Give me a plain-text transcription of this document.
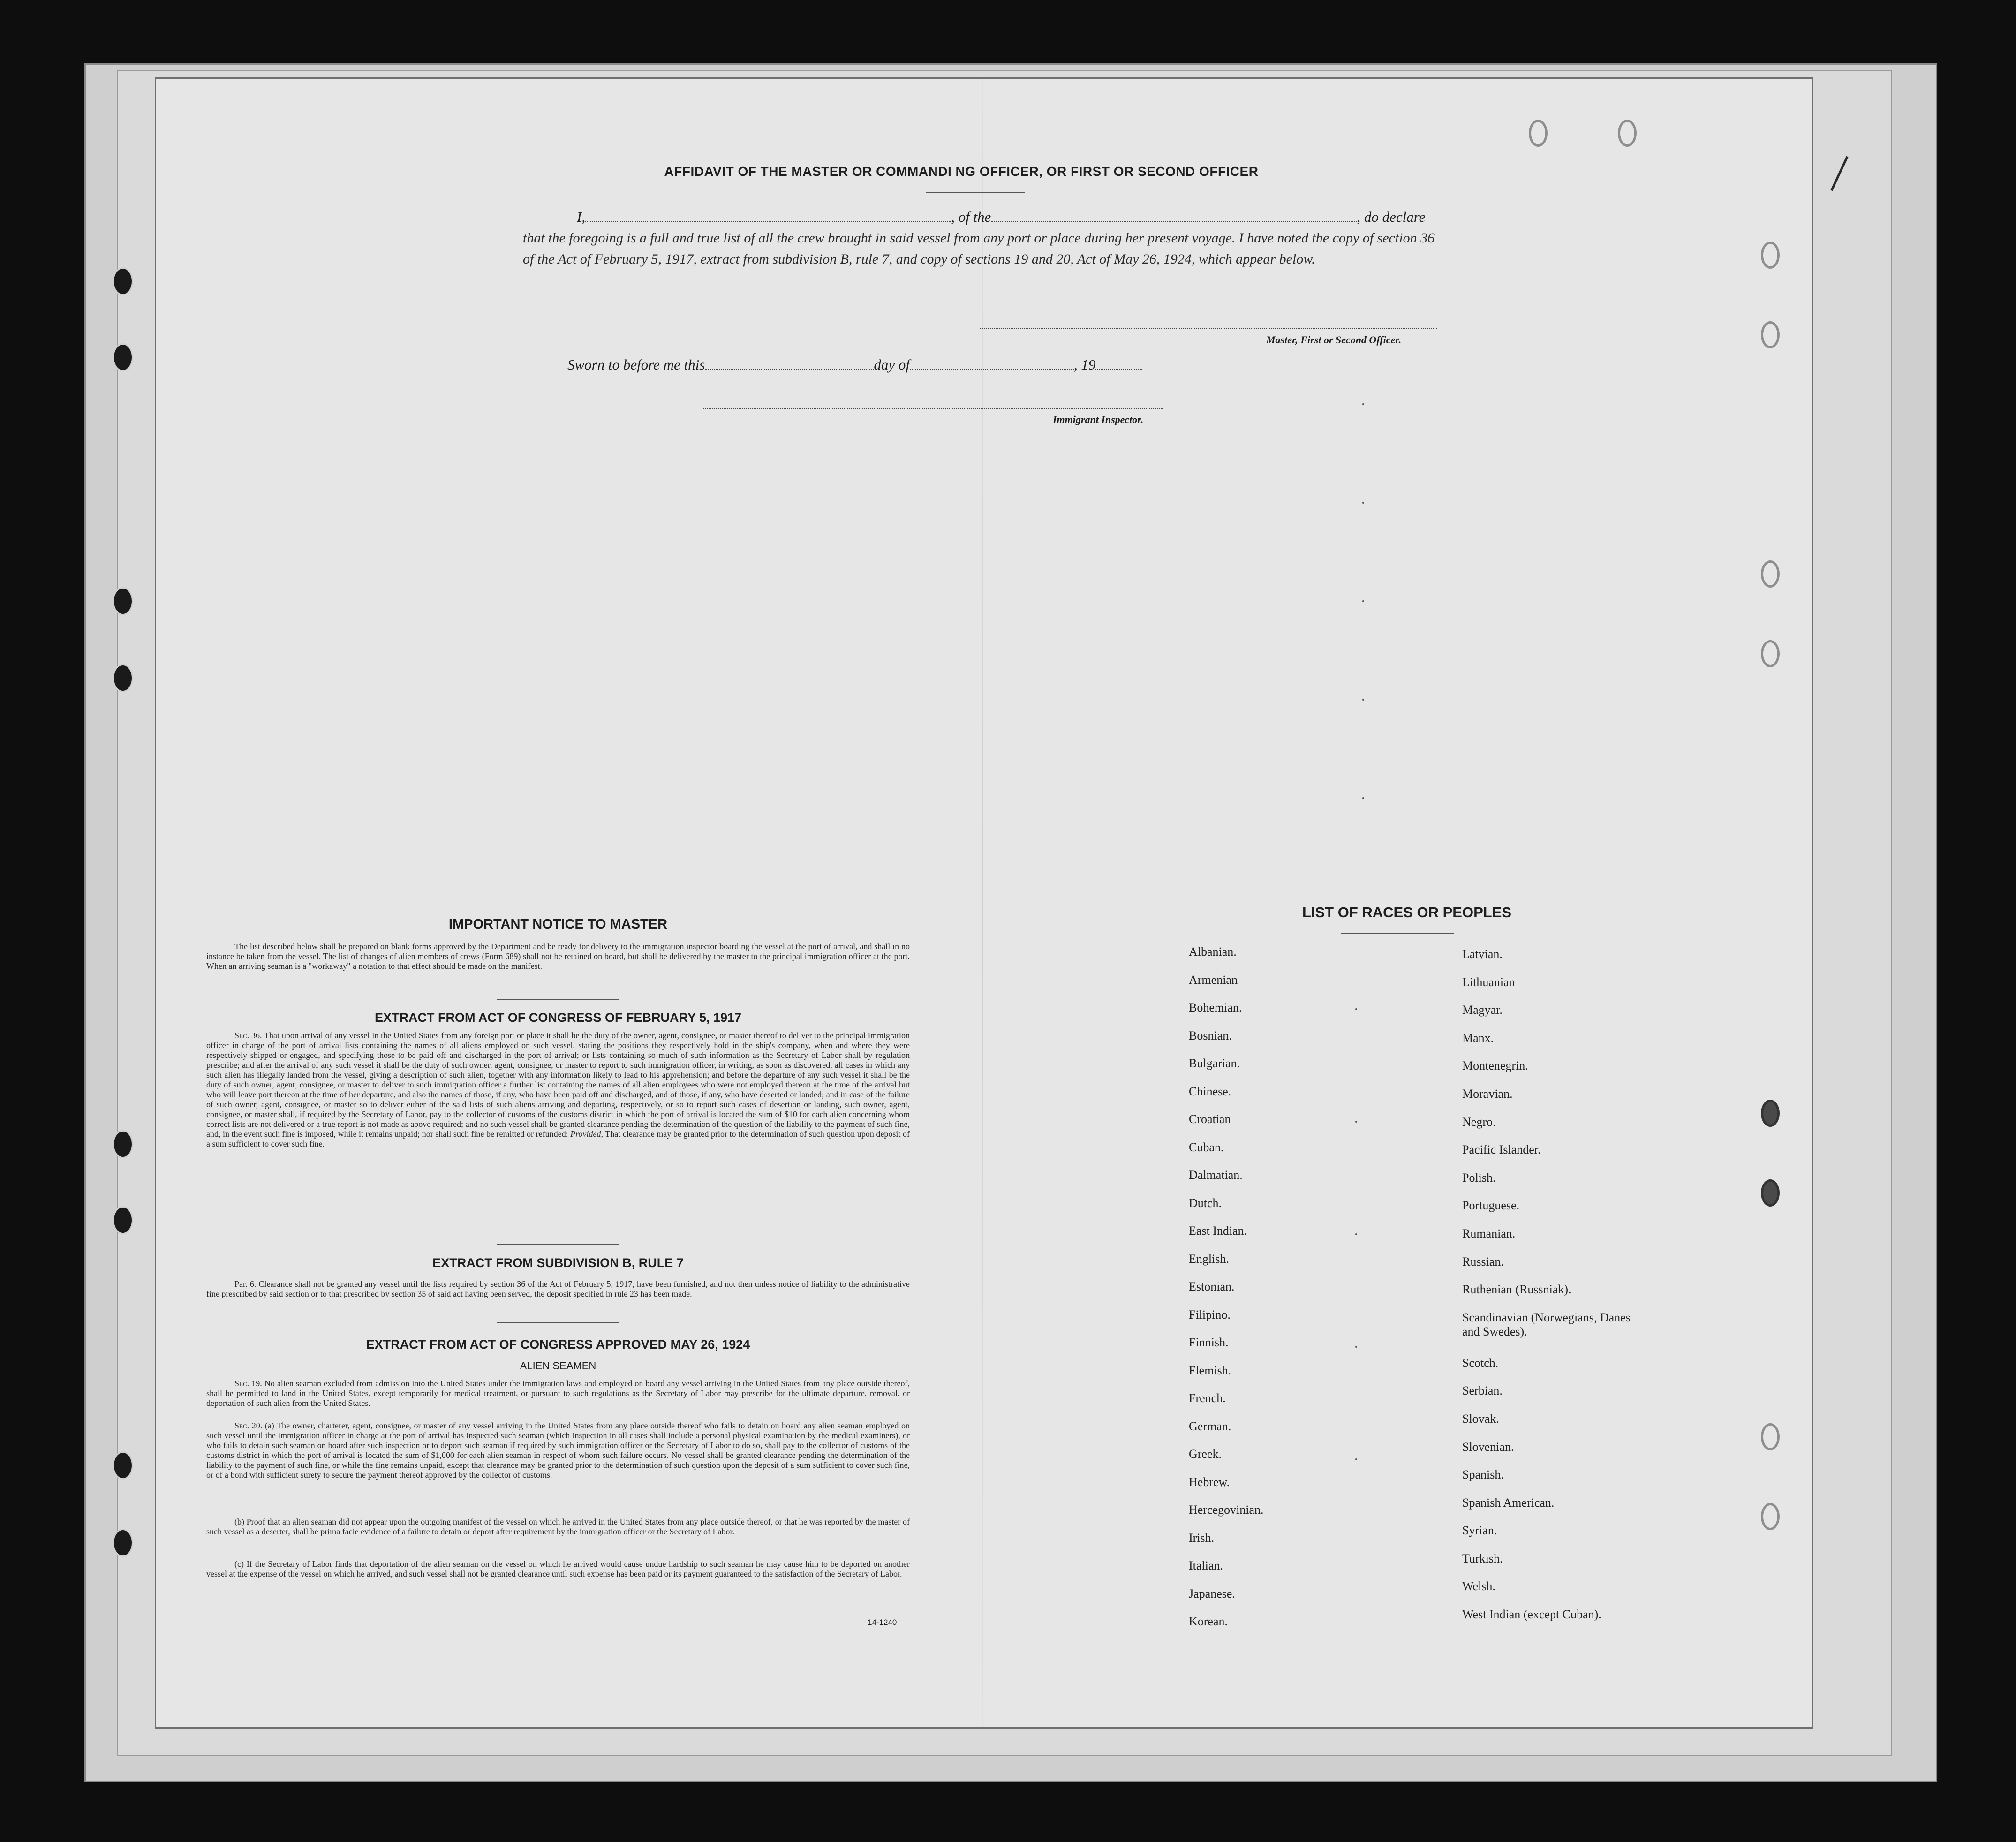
AFFIDAVIT OF THE MASTER OR COMMANDI NG OFFICER, OR FIRST OR SECOND OFFICER
I,	, of the	, do declare
that the foregoing is a full and true list of all the crew brought in said vessel from any port or place during her present voyage. I have noted the copy of section 36 of the Act of February 5, 1917, extract from subdivision B, rule 7, and copy of sections 19 and 20, Act of May 26, 1924, which appear below.
Master, First or Second Officer.
Sworn to before me this	day of	, 19
Immigrant Inspector.
IMPORTANT NOTICE TO MASTER
The list described below shall be prepared on blank forms approved by the Department and be ready for delivery to the immigration inspector boarding the vessel at the port of arrival, and shall in no instance be taken from the vessel. The list of changes of alien members of crews (Form 689) shall not be retained on board, but shall be delivered by the master to the principal immigration officer at the port. When an arriving seaman is a "workaway" a notation to that effect should be made on the manifest.
EXTRACT FROM ACT OF CONGRESS OF FEBRUARY 5, 1917
Sec. 36. That upon arrival of any vessel in the United States from any foreign port or place it shall be the duty of the owner, agent, consignee, or master thereof to deliver to the principal immigration officer in charge of the port of arrival lists containing the names of all aliens employed on such vessel, stating the positions they respectively hold in the ship's company, when and where they were respectively shipped or engaged, and specifying those to be paid off and discharged in the port of arrival; or lists containing so much of such information as the Secretary of Labor shall by regulation prescribe; and after the arrival of any such vessel it shall be the duty of such owner, agent, consignee, or master to report to such immigration officer, in writing, as soon as discovered, all cases in which any such alien has illegally landed from the vessel, giving a description of such alien, together with any information likely to lead to his apprehension; and before the departure of any such vessel it shall be the duty of such owner, agent, consignee, or master to deliver to such immigration officer a further list containing the names of all alien employees who were not employed thereon at the time of the arrival but who will leave port thereon at the time of her departure, and also the names of those, if any, who have been paid off and discharged, and of those, if any, who have deserted or landed; and in case of the failure of such owner, agent, consignee, or master so to deliver either of the said lists of such aliens arriving and departing, respectively, or so to report such cases of desertion or landing, such owner, agent, consignee, or master shall, if required by the Secretary of Labor, pay to the collector of customs of the customs district in which the port of arrival is located the sum of $10 for each alien concerning whom correct lists are not delivered or a true report is not made as above required; and no such vessel shall be granted clearance pending the determination of the question of the liability to the payment of such fine, and, in the event such fine is imposed, while it remains unpaid; nor shall such fine be remitted or refunded: Provided, That clearance may be granted prior to the determination of such question upon deposit of a sum sufficient to cover such fine.
EXTRACT FROM SUBDIVISION B, RULE 7
Par. 6. Clearance shall not be granted any vessel until the lists required by section 36 of the Act of February 5, 1917, have been furnished, and not then unless notice of liability to the administrative fine prescribed by said section or to that prescribed by section 35 of said act having been served, the deposit specified in rule 23 has been made.
EXTRACT FROM ACT OF CONGRESS APPROVED MAY 26, 1924
ALIEN SEAMEN
Sec. 19. No alien seaman excluded from admission into the United States under the immigration laws and employed on board any vessel arriving in the United States from any place outside thereof, shall be permitted to land in the United States, except temporarily for medical treatment, or pursuant to such regulations as the Secretary of Labor may prescribe for the ultimate departure, removal, or deportation of such alien from the United States.
Sec. 20. (a) The owner, charterer, agent, consignee, or master of any vessel arriving in the United States from any place outside thereof who fails to detain on board any alien seaman employed on such vessel until the immigration officer in charge at the port of arrival has inspected such seaman (which inspection in all cases shall include a personal physical examination by the medical examiners), or who fails to detain such seaman on board after such inspection or to deport such seaman if required by such immigration officer or the Secretary of Labor to do so, shall pay to the collector of customs of the customs district in which the port of arrival is located the sum of $1,000 for each alien seaman in respect of whom such failure occurs. No vessel shall be granted clearance pending the determination of the liability to the payment of such fine, or while the fine remains unpaid, except that clearance may be granted prior to the determination of such question upon the deposit of a sum sufficient to cover such fine, or of a bond with sufficient surety to secure the payment thereof approved by the collector of customs.
(b) Proof that an alien seaman did not appear upon the outgoing manifest of the vessel on which he arrived in the United States from any place outside thereof, or that he was reported by the master of such vessel as a deserter, shall be prima facie evidence of a failure to detain or deport after requirement by the immigration officer or the Secretary of Labor.
(c) If the Secretary of Labor finds that deportation of the alien seaman on the vessel on which he arrived would cause undue hardship to such seaman he may cause him to be deported on another vessel at the expense of the vessel on which he arrived, and such vessel shall not be granted clearance until such expense has been paid or its payment guaranteed to the satisfaction of the Secretary of Labor.
14-1240
LIST OF RACES OR PEOPLES
Albanian.
Armenian
Bohemian.
Bosnian.
Bulgarian.
Chinese.
Croatian
Cuban.
Dalmatian.
Dutch.
East Indian.
English.
Estonian.
Filipino.
Finnish.
Flemish.
French.
German.
Greek.
Hebrew.
Hercegovinian.
Irish.
Italian.
Japanese.
Korean.
Latvian.
Lithuanian
Magyar.
Manx.
Montenegrin.
Moravian.
Negro.
Pacific Islander.
Polish.
Portuguese.
Rumanian.
Russian.
Ruthenian (Russniak).
Scandinavian (Norwegians, Danes and Swedes).
Scotch.
Serbian.
Slovak.
Slovenian.
Spanish.
Spanish American.
Syrian.
Turkish.
Welsh.
West Indian (except Cuban).
